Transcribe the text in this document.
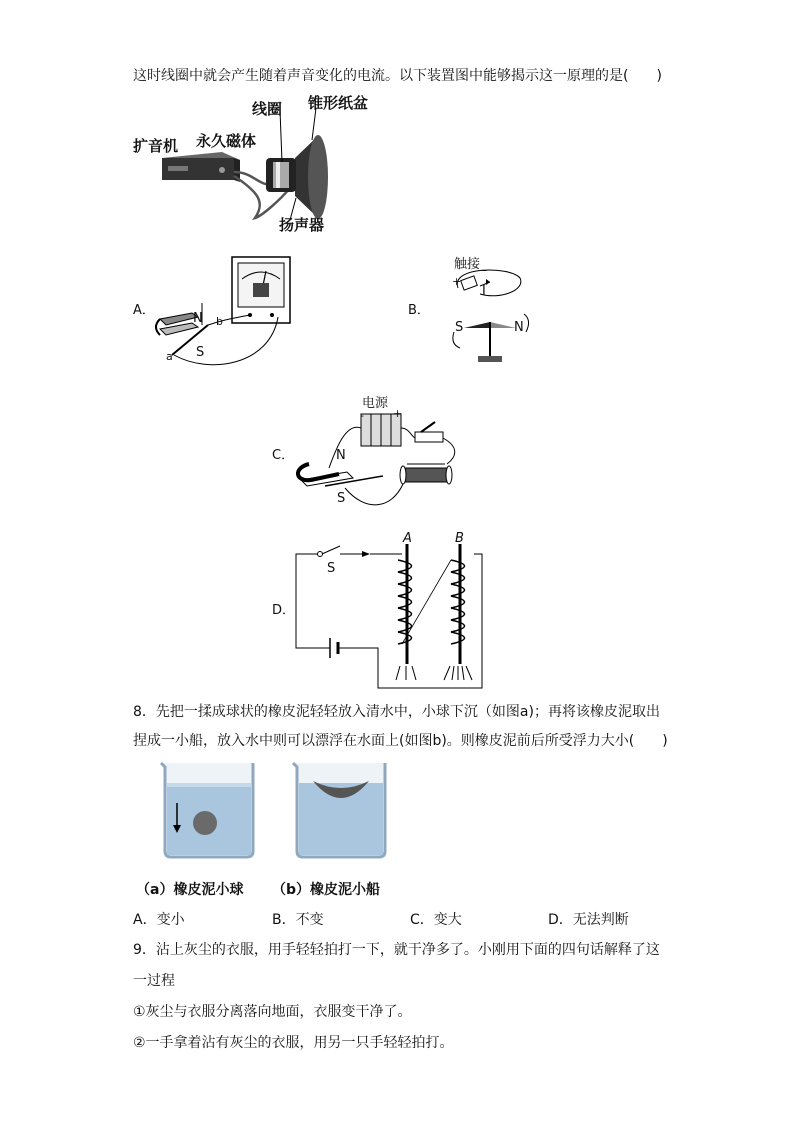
这时线圈中就会产生随着声音变化的电流。以下装置图中能够揭示这一原理的是(　　)
线圈 锥形纸盆
永久磁体
扩音机
扬声器
A．
N b
a S
B．
触接_
+
I
S	N
C．
电源
-	+
N
S
D．
A	B
S
8．先把一揉成球状的橡皮泥轻轻放入清水中，小球下沉（如图a)；再将该橡皮泥取出
捏成一小船，放入水中则可以漂浮在水面上(如图b)。则橡皮泥前后所受浮力大小(　　)
（a）橡皮泥小球 （b）橡皮泥小船
A．变小	B．不变	C．变大	D．无法判断
9．沾上灰尘的衣服，用手轻轻拍打一下，就干净多了。小刚用下面的四句话解释了这
一过程
①灰尘与衣服分离落向地面，衣服变干净了。
②一手拿着沾有灰尘的衣服，用另一只手轻轻拍打。
